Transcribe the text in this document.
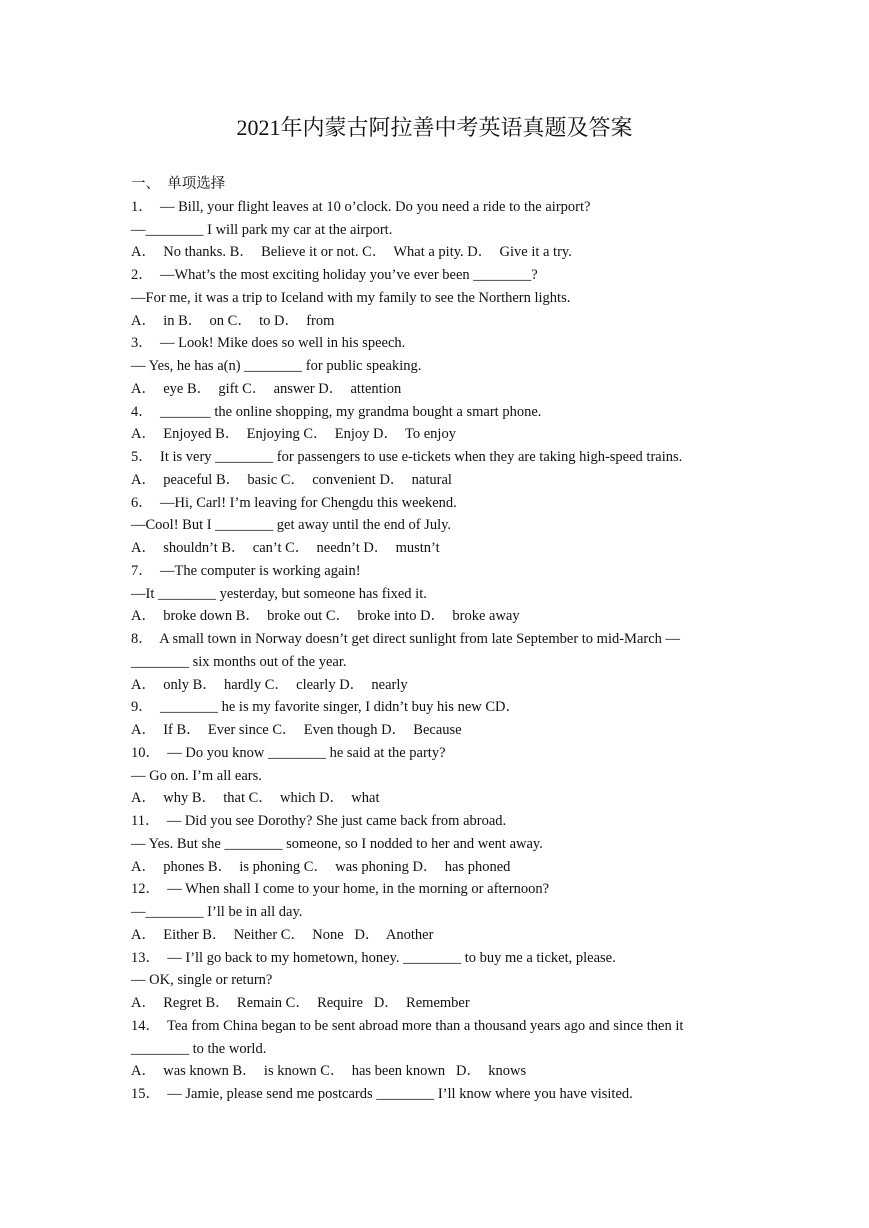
2021年内蒙古阿拉善中考英语真题及答案
一、  单项选择
1．  — Bill, your flight leaves at 10 o’clock. Do you need a ride to the airport?
—________ I will park my car at the airport.
A．  No thanks. B．  Believe it or not. C．  What a pity. D．  Give it a try.
2．  —What’s the most exciting holiday you’ve ever been ________?
—For me, it was a trip to Iceland with my family to see the Northern lights.
A．  in B．  on C．  to D．  from
3．  — Look! Mike does so well in his speech.
— Yes, he has a(n) ________ for public speaking.
A．  eye B．  gift C．  answer D．  attention
4．  _______ the online shopping, my grandma bought a smart phone.
A．  Enjoyed B．  Enjoying C．  Enjoy D．  To enjoy
5．  It is very ________ for passengers to use e-tickets when they are taking high-speed trains.
A．  peaceful B．  basic C．  convenient D．  natural
6．  —Hi, Carl! I’m leaving for Chengdu this weekend.
—Cool! But I ________ get away until the end of July.
A．  shouldn’t B．  can’t C．  needn’t D．  mustn’t
7．  —The computer is working again!
—It ________ yesterday, but someone has fixed it.
A．  broke down B．  broke out C．  broke into D．  broke away
8．  A small town in Norway doesn’t get direct sunlight from late September to mid-March —
________ six months out of the year.
A．  only B．  hardly C．  clearly D．  nearly
9．  ________ he is my favorite singer, I didn’t buy his new CD．
A．  If B．  Ever since C．  Even though D．  Because
10．  — Do you know ________ he said at the party?
— Go on. I’m all ears.
A．  why B．  that C．  which D．  what
11．  — Did you see Dorothy? She just came back from abroad.
— Yes. But she ________ someone, so I nodded to her and went away.
A．  phones B．  is phoning C．  was phoning D．  has phoned
12．  — When shall I come to your home, in the morning or afternoon?
—________ I’ll be in all day.
A．  Either B．  Neither C．  None   D．  Another
13．  — I’ll go back to my hometown, honey. ________ to buy me a ticket, please.
— OK, single or return?
A．  Regret B．  Remain C．  Require   D．  Remember
14．  Tea from China began to be sent abroad more than a thousand years ago and since then it
________ to the world.
A．  was known B．  is known C．  has been known   D．  knows
15．  — Jamie, please send me postcards ________ I’ll know where you have visited.
